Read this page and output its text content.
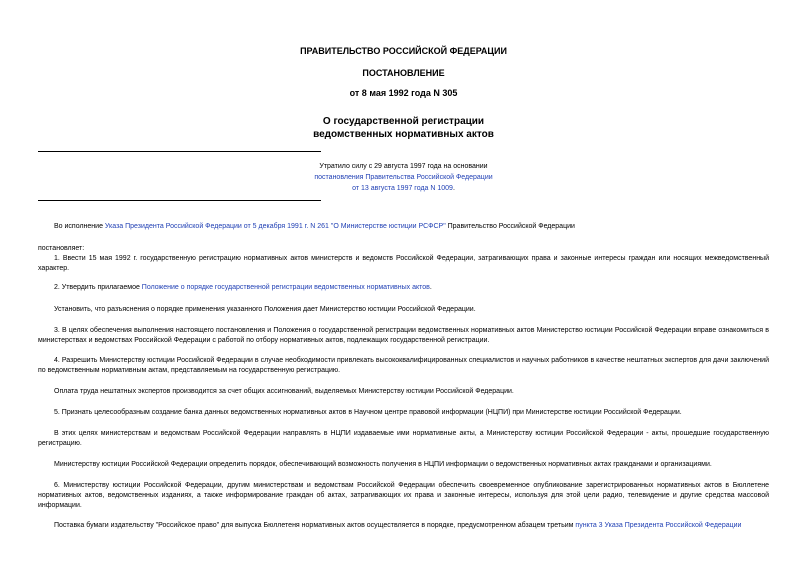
ПРАВИТЕЛЬСТВО РОССИЙСКОЙ ФЕДЕРАЦИИ
ПОСТАНОВЛЕНИЕ
от 8 мая 1992 года N 305
О государственной регистрации
ведомственных нормативных актов
Утратило силу с 29 августа 1997 года на основании
постановления Правительства Российской Федерации
от 13 августа 1997 года N 1009.
Во исполнение Указа Президента Российской Федерации от 5 декабря 1991 г. N 261 "О Министерстве юстиции РСФСР" Правительство Российской Федерации
постановляет:
1. Ввести 15 мая 1992 г. государственную регистрацию нормативных актов министерств и ведомств Российской Федерации, затрагивающих права и законные интересы граждан или носящих межведомственный характер.
2. Утвердить прилагаемое Положение о порядке государственной регистрации ведомственных нормативных актов.
Установить, что разъяснения о порядке применения указанного Положения дает Министерство юстиции Российской Федерации.
3. В целях обеспечения выполнения настоящего постановления и Положения о государственной регистрации ведомственных нормативных актов Министерство юстиции Российской Федерации вправе ознакомиться в министерствах и ведомствах Российской Федерации с работой по отбору нормативных актов, подлежащих государственной регистрации.
4. Разрешить Министерству юстиции Российской Федерации в случае необходимости привлекать высококвалифицированных специалистов и научных работников в качестве нештатных экспертов для дачи заключений по ведомственным нормативным актам, представляемым на государственную регистрацию.
Оплата труда нештатных экспертов производится за счет общих ассигнований, выделяемых Министерству юстиции Российской Федерации.
5. Признать целесообразным создание банка данных ведомственных нормативных актов в Научном центре правовой информации (НЦПИ) при Министерстве юстиции Российской Федерации.
В этих целях министерствам и ведомствам Российской Федерации направлять в НЦПИ издаваемые ими нормативные акты, а Министерству юстиции Российской Федерации - акты, прошедшие государственную регистрацию.
Министерству юстиции Российской Федерации определить порядок, обеспечивающий возможность получения в НЦПИ информации о ведомственных нормативных актах гражданами и организациями.
6. Министерству юстиции Российской Федерации, другим министерствам и ведомствам Российской Федерации обеспечить своевременное опубликование зарегистрированных нормативных актов в Бюллетене нормативных актов, ведомственных изданиях, а также информирование граждан об актах, затрагивающих их права и законные интересы, используя для этой цели радио, телевидение и другие средства массовой информации.
Поставка бумаги издательству "Российское право" для выпуска Бюллетеня нормативных актов осуществляется в порядке, предусмотренном абзацем третьим пункта 3 Указа Президента Российской Федерации
